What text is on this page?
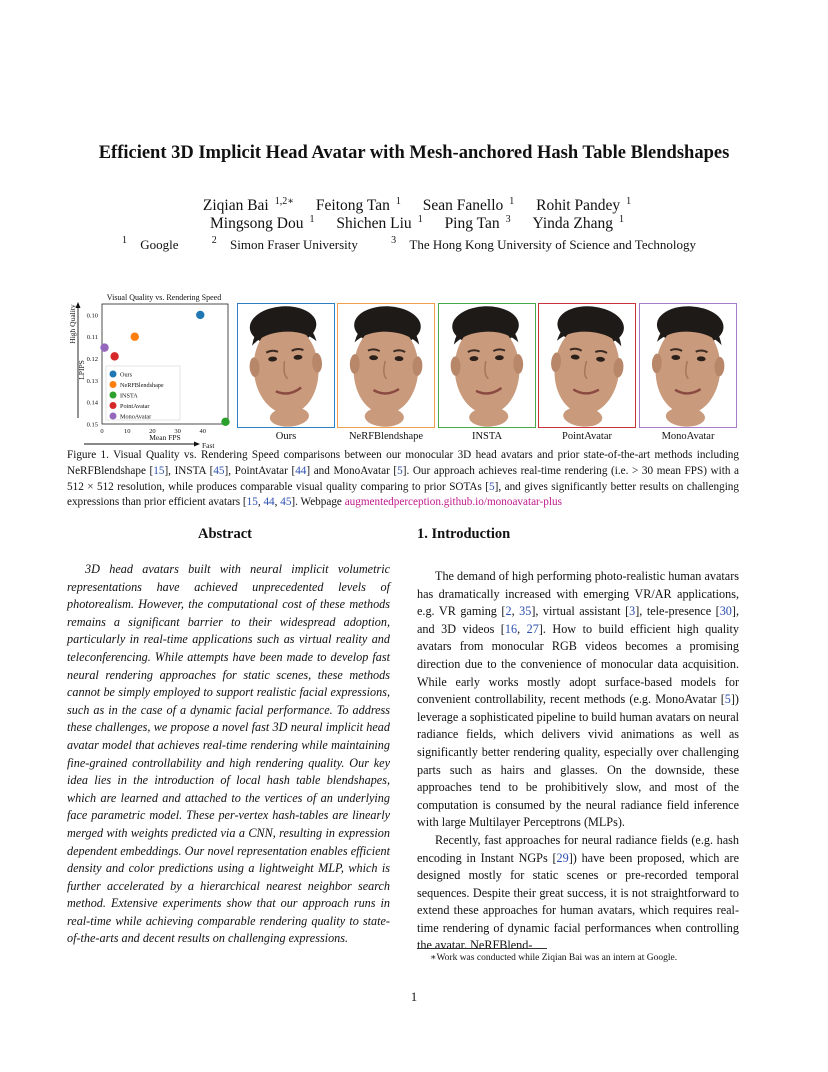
Efficient 3D Implicit Head Avatar with Mesh-anchored Hash Table Blendshapes
Ziqian Bai $^{1,2∗}$ Feitong Tan $^1$ Sean Fanello $^1$ Rohit Pandey $^1$
Mingsong Dou $^1$ Shichen Liu $^1$ Ping Tan $^3$ Yinda Zhang $^1$
$^1$ Google	$^2$ Simon Fraser University	$^3$ The Hong Kong University of Science and Technology
Visual Quality vs. Rendering Speed
0.10
0.11
0.12
0.13
0.14
0.15
0	10	20	30	40
Ours
NeRFBlendshape
INSTA
PointAvatar
MonoAvatar
LPIPS
High Quality
Mean FPS
Fast
Ours	NeRFBlendshape	INSTA	PointAvatar	MonoAvatar
Figure 1. Visual Quality vs. Rendering Speed comparisons between our monocular 3D head avatars and prior state-of-the-art methods including NeRFBlendshape [15], INSTA [45], PointAvatar [44] and MonoAvatar [5]. Our approach achieves real-time rendering (i.e. > 30 mean FPS) with a 512 × 512 resolution, while produces comparable visual quality comparing to prior SOTAs [5], and gives significantly better results on challenging expressions than prior efficient avatars [15, 44, 45]. Webpage augmentedperception.github.io/monoavatar-plus
Abstract
3D head avatars built with neural implicit volumetric representations have achieved unprecedented levels of photorealism. However, the computational cost of these methods remains a significant barrier to their widespread adoption, particularly in real-time applications such as virtual reality and teleconferencing. While attempts have been made to develop fast neural rendering approaches for static scenes, these methods cannot be simply employed to support realistic facial expressions, such as in the case of a dynamic facial performance. To address these challenges, we propose a novel fast 3D neural implicit head avatar model that achieves real-time rendering while maintaining fine-grained controllability and high rendering quality. Our key idea lies in the introduction of local hash table blendshapes, which are learned and attached to the vertices of an underlying face parametric model. These per-vertex hash-tables are linearly merged with weights predicted via a CNN, resulting in expression dependent embeddings. Our novel representation enables efficient density and color predictions using a lightweight MLP, which is further accelerated by a hierarchical nearest neighbor search method. Extensive experiments show that our approach runs in real-time while achieving comparable rendering quality to state-of-the-arts and decent results on challenging expressions.
1. Introduction

The demand of high performing photo-realistic human avatars has dramatically increased with emerging VR/AR applications, e.g. VR gaming [2, 35], virtual assistant [3], tele-presence [30], and 3D videos [16, 27]. How to build efficient high quality avatars from monocular RGB videos becomes a promising direction due to the convenience of monocular data acquisition. While early works mostly adopt surface-based models for convenient controllability, recent methods (e.g. MonoAvatar [5]) leverage a sophisticated pipeline to build human avatars on neural radiance fields, which delivers vivid animations as well as significantly better rendering quality, especially over challenging parts such as hairs and glasses. On the downside, these approaches tend to be prohibitively slow, and most of the computation is consumed by the neural radiance field inference with large Multilayer Perceptrons (MLPs).

Recently, fast approaches for neural radiance fields (e.g. hash encoding in Instant NGPs [29]) have been proposed, which are designed mostly for static scenes or pre-recorded temporal sequences. Despite their great success, it is not straightforward to extend these approaches for human avatars, which requires real-time rendering of dynamic facial performances when controlling the avatar. NeRFBlend-

∗Work was conducted while Ziqian Bai was an intern at Google.
1
